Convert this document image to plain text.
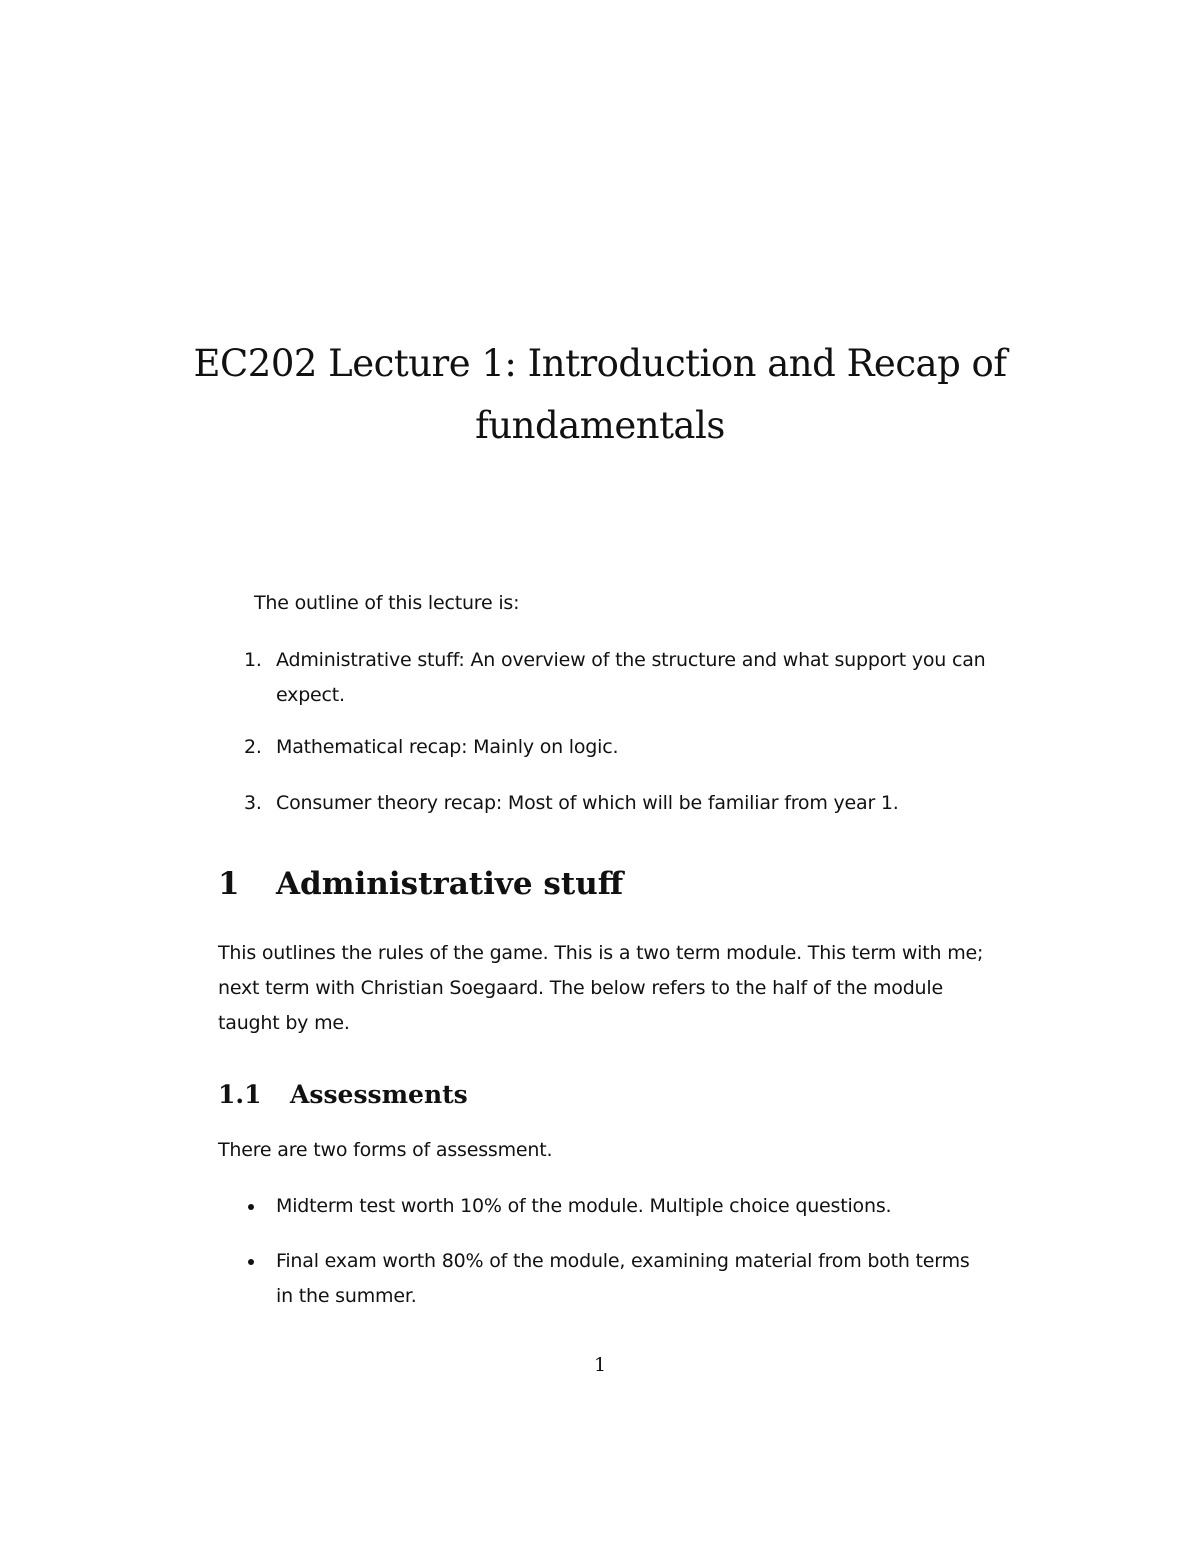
EC202 Lecture 1: Introduction and Recap of fundamentals
The outline of this lecture is:
1. Administrative stuff: An overview of the structure and what support you can expect.
2. Mathematical recap: Mainly on logic.
3. Consumer theory recap: Most of which will be familiar from year 1.
1 Administrative stuff
This outlines the rules of the game. This is a two term module. This term with me; next term with Christian Soegaard. The below refers to the half of the module taught by me.
1.1 Assessments
There are two forms of assessment.
Midterm test worth 10% of the module. Multiple choice questions.
Final exam worth 80% of the module, examining material from both terms in the summer.
1
